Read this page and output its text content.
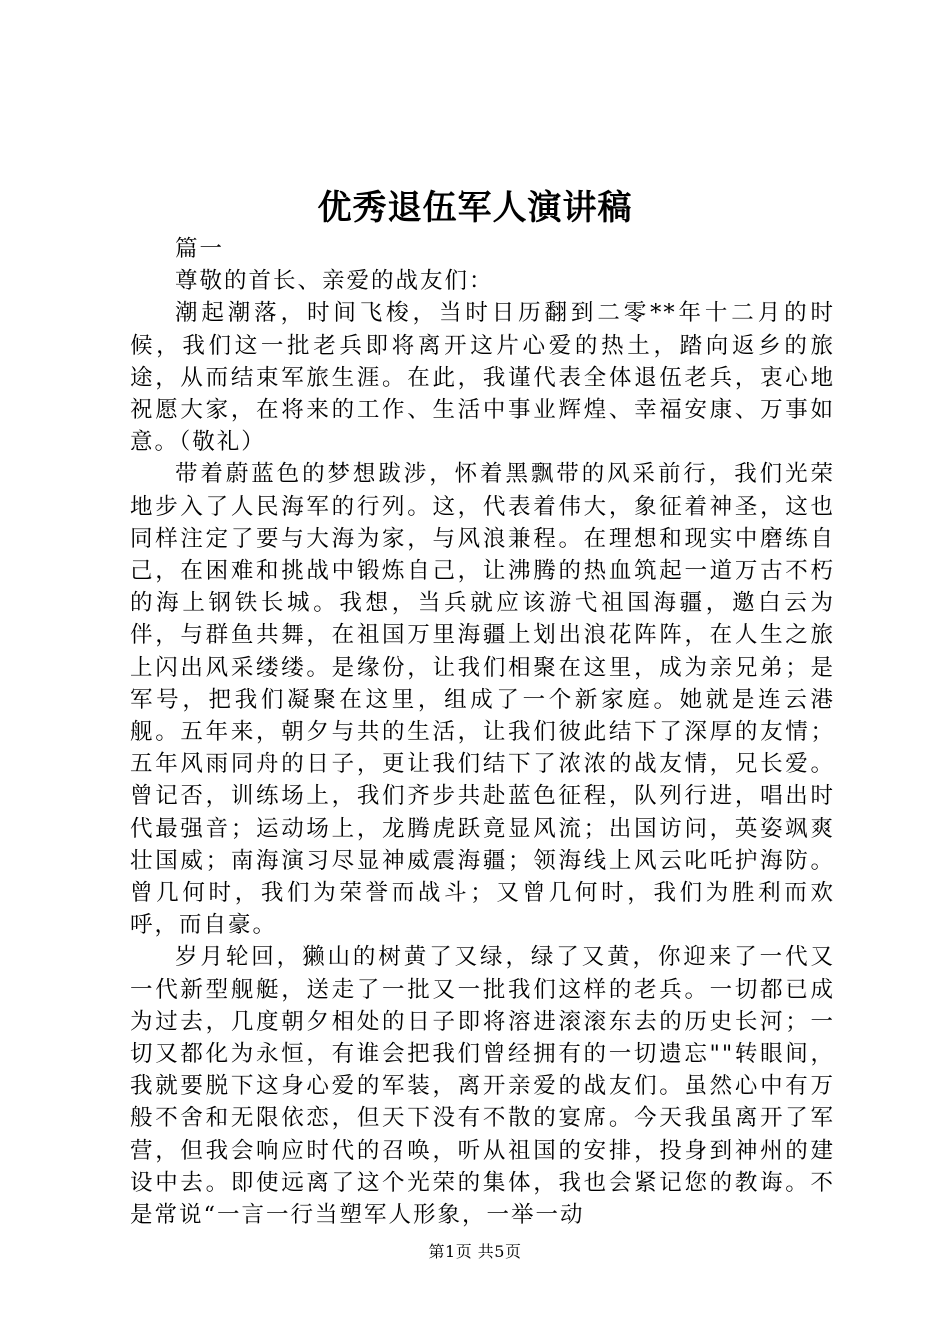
优秀退伍军人演讲稿

篇一

尊敬的首长、亲爱的战友们：

潮起潮落，时间飞梭，当时日历翻到二零**年十二月的时候，我们这一批老兵即将离开这片心爱的热土，踏向返乡的旅途，从而结束军旅生涯。在此，我谨代表全体退伍老兵，衷心地祝愿大家，在将来的工作、生活中事业辉煌、幸福安康、万事如意。（敬礼）

带着蔚蓝色的梦想跋涉，怀着黑飘带的风采前行，我们光荣地步入了人民海军的行列。这，代表着伟大，象征着神圣，这也同样注定了要与大海为家，与风浪兼程。在理想和现实中磨练自己，在困难和挑战中锻炼自己，让沸腾的热血筑起一道万古不朽的海上钢铁长城。我想，当兵就应该游弋祖国海疆，邀白云为伴，与群鱼共舞，在祖国万里海疆上划出浪花阵阵，在人生之旅上闪出风采缕缕。是缘份，让我们相聚在这里，成为亲兄弟；是军号，把我们凝聚在这里，组成了一个新家庭。她就是连云港舰。五年来，朝夕与共的生活，让我们彼此结下了深厚的友情；五年风雨同舟的日子，更让我们结下了浓浓的战友情，兄长爱。曾记否，训练场上，我们齐步共赴蓝色征程，队列行进，唱出时代最强音；运动场上，龙腾虎跃竟显风流；出国访问，英姿飒爽壮国威；南海演习尽显神威震海疆；领海线上风云叱吒护海防。曾几何时，我们为荣誉而战斗；又曾几何时，我们为胜利而欢呼，而自豪。

岁月轮回，獭山的树黄了又绿，绿了又黄，你迎来了一代又一代新型舰艇，送走了一批又一批我们这样的老兵。一切都已成为过去，几度朝夕相处的日子即将溶进滚滚东去的历史长河；一切又都化为永恒，有谁会把我们曾经拥有的一切遗忘""转眼间，我就要脱下这身心爱的军装，离开亲爱的战友们。虽然心中有万般不舍和无限依恋，但天下没有不散的宴席。今天我虽离开了军营，但我会响应时代的召唤，听从祖国的安排，投身到神州的建设中去。即使远离了这个光荣的集体，我也会紧记您的教诲。不是常说“一言一行当塑军人形象，一举一动

第1页 共5页
